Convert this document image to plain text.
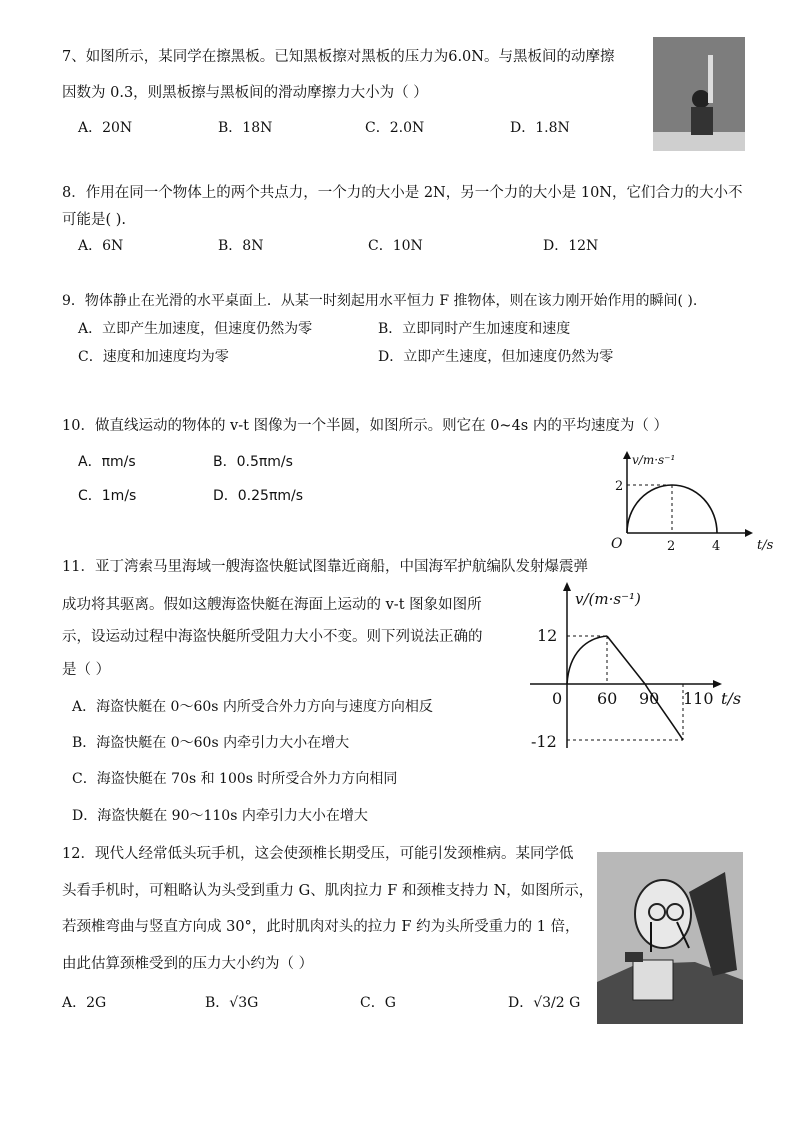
7、如图所示，某同学在擦黑板。已知黑板擦对黑板的压力为6.0N。与黑板间的动摩擦
因数为 0.3，则黑板擦与黑板间的滑动摩擦力大小为（ ）
A．20N	B．18N	C．2.0N	D．1.8N
8．作用在同一个物体上的两个共点力，一个力的大小是 2N，另一个力的大小是 10N，它们合力的大小不
可能是( ).
A．6N	B．8N	C．10N	D．12N
9．物体静止在光滑的水平桌面上．从某一时刻起用水平恒力 F 推物体，则在该力刚开始作用的瞬间( ).
A．立即产生加速度，但速度仍然为零	B．立即同时产生加速度和速度
C．速度和加速度均为零	D．立即产生速度，但加速度仍然为零
10．做直线运动的物体的 v-t 图像为一个半圆，如图所示。则它在 0~4s 内的平均速度为（ ）
A．πm/s	B．0.5πm/s
C．1m/s	D．0.25πm/s
v/m·s⁻¹
2
O	2	4	t/s
11．亚丁湾索马里海域一艘海盗快艇试图靠近商船，中国海军护航编队发射爆震弹
成功将其驱离。假如这艘海盗快艇在海面上运动的 v-t 图象如图所
示，设运动过程中海盗快艇所受阻力大小不变。则下列说法正确的
是（ ）
A．海盗快艇在 0～60s 内所受合外力方向与速度方向相反
B．海盗快艇在 0～60s 内牵引力大小在增大
C．海盗快艇在 70s 和 100s 时所受合外力方向相同
D．海盗快艇在 90～110s 内牵引力大小在增大
v/(m·s⁻¹)
12
-12
0 60 90 110 t/s
12．现代人经常低头玩手机，这会使颈椎长期受压，可能引发颈椎病。某同学低
头看手机时，可粗略认为头受到重力 G、肌肉拉力 F 和颈椎支持力 N，如图所示，
若颈椎弯曲与竖直方向成 30°，此时肌肉对头的拉力 F 约为头所受重力的 1 倍，
由此估算颈椎受到的压力大小约为（ ）
A．2G	B．√3G	C．G	D．√3/2 G
